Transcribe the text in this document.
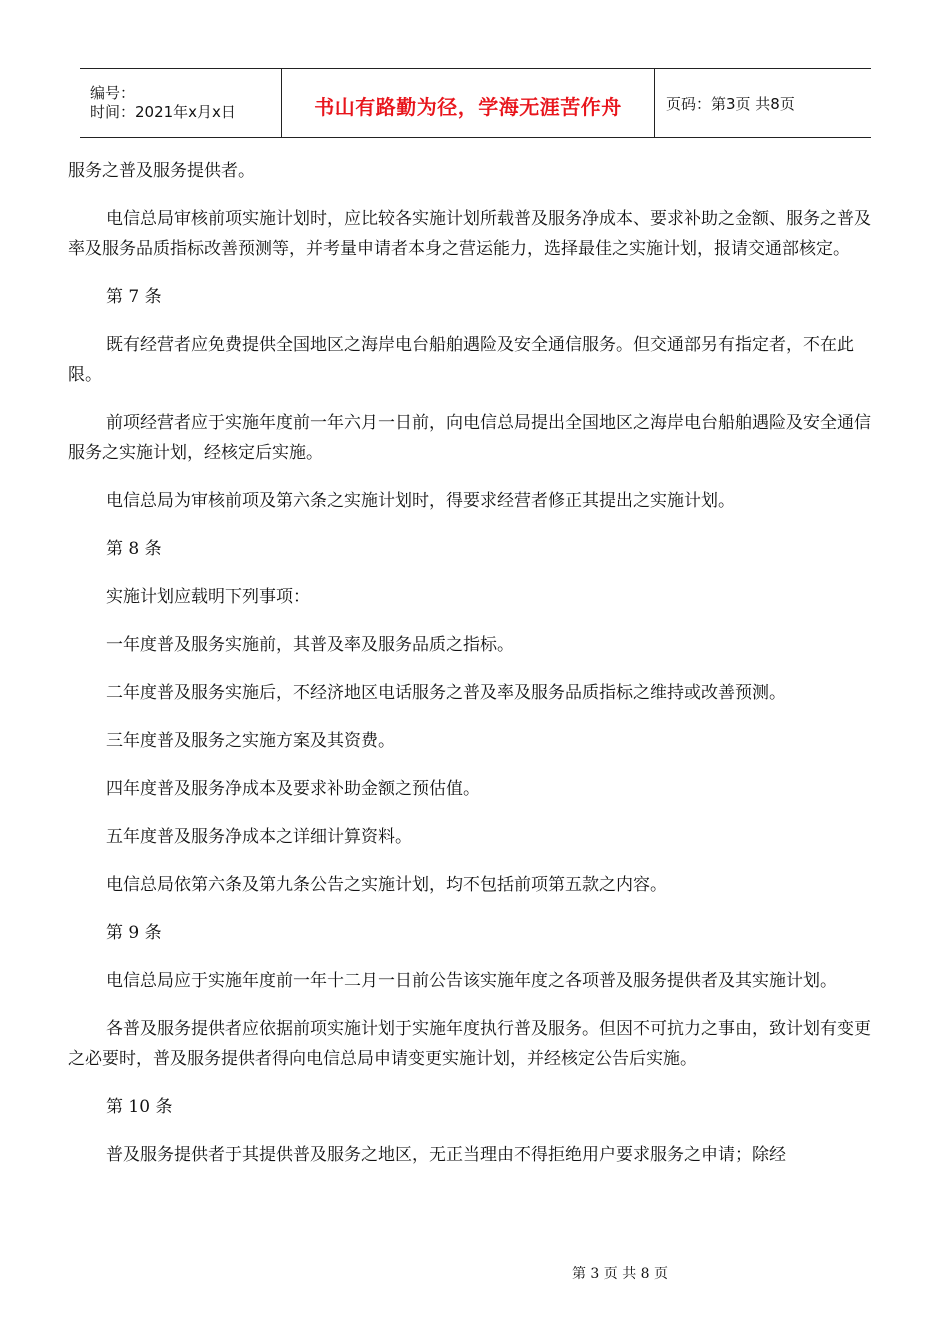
编号：
时间：2021年x月x日	书山有路勤为径，学海无涯苦作舟	页码：第3页 共8页

服务之普及服务提供者。

电信总局审核前项实施计划时，应比较各实施计划所载普及服务净成本、要求补助之金额、服务之普及率及服务品质指标改善预测等，并考量申请者本身之营运能力，选择最佳之实施计划，报请交通部核定。

第 7 条

既有经营者应免费提供全国地区之海岸电台船舶遇险及安全通信服务。但交通部另有指定者，不在此限。

前项经营者应于实施年度前一年六月一日前，向电信总局提出全国地区之海岸电台船舶遇险及安全通信服务之实施计划，经核定后实施。

电信总局为审核前项及第六条之实施计划时，得要求经营者修正其提出之实施计划。

第 8 条

实施计划应载明下列事项：

一年度普及服务实施前，其普及率及服务品质之指标。

二年度普及服务实施后，不经济地区电话服务之普及率及服务品质指标之维持或改善预测。

三年度普及服务之实施方案及其资费。

四年度普及服务净成本及要求补助金额之预估值。

五年度普及服务净成本之详细计算资料。

电信总局依第六条及第九条公告之实施计划，均不包括前项第五款之内容。

第 9 条

电信总局应于实施年度前一年十二月一日前公告该实施年度之各项普及服务提供者及其实施计划。

各普及服务提供者应依据前项实施计划于实施年度执行普及服务。但因不可抗力之事由，致计划有变更之必要时，普及服务提供者得向电信总局申请变更实施计划，并经核定公告后实施。

第 10 条

普及服务提供者于其提供普及服务之地区，无正当理由不得拒绝用户要求服务之申请；除经

第 3 页 共 8 页
